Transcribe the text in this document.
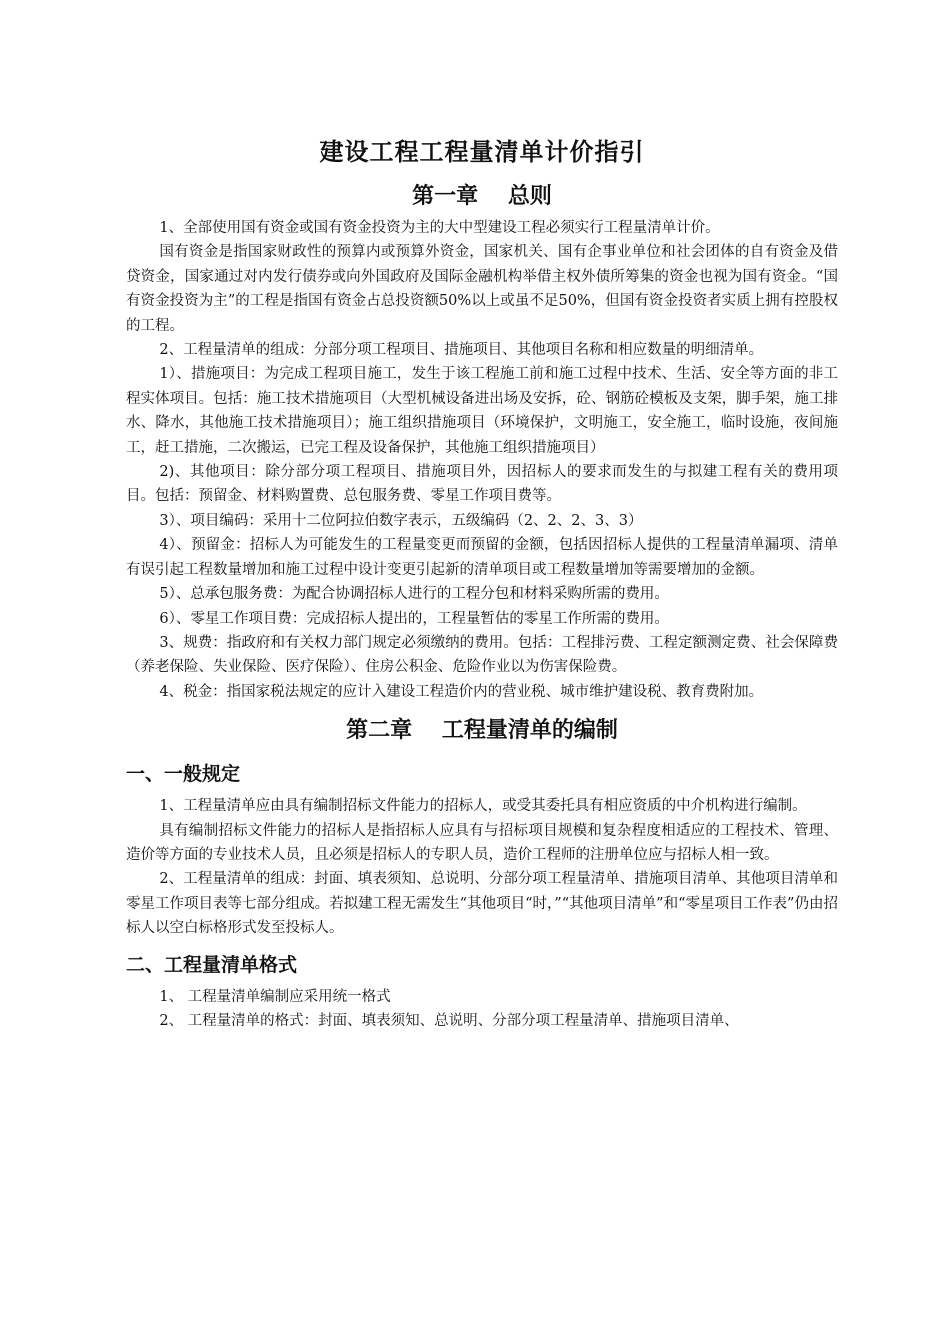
建设工程工程量清单计价指引
第一章　 总则

1、全部使用国有资金或国有资金投资为主的大中型建设工程必须实行工程量清单计价。

国有资金是指国家财政性的预算内或预算外资金，国家机关、国有企事业单位和社会团体的自有资金及借贷资金，国家通过对内发行债券或向外国政府及国际金融机构举借主权外债所筹集的资金也视为国有资金。“国有资金投资为主”的工程是指国有资金占总投资额50%以上或虽不足50%，但国有资金投资者实质上拥有控股权的工程。

2、工程量清单的组成：分部分项工程项目、措施项目、其他项目名称和相应数量的明细清单。

1）、措施项目：为完成工程项目施工，发生于该工程施工前和施工过程中技术、生活、安全等方面的非工程实体项目。包括：施工技术措施项目（大型机械设备进出场及安拆，砼、钢筋砼模板及支架，脚手架，施工排水、降水，其他施工技术措施项目）；施工组织措施项目（环境保护，文明施工，安全施工，临时设施，夜间施工，赶工措施，二次搬运，已完工程及设备保护，其他施工组织措施项目）

2)、其他项目：除分部分项工程项目、措施项目外，因招标人的要求而发生的与拟建工程有关的费用项目。包括：预留金、材料购置费、总包服务费、零星工作项目费等。

3）、项目编码：采用十二位阿拉伯数字表示，五级编码（2、2、2、3、3）

4）、预留金：招标人为可能发生的工程量变更而预留的金额，包括因招标人提供的工程量清单漏项、清单有误引起工程数量增加和施工过程中设计变更引起新的清单项目或工程数量增加等需要增加的金额。

5）、总承包服务费：为配合协调招标人进行的工程分包和材料采购所需的费用。

6）、零星工作项目费：完成招标人提出的，工程量暂估的零星工作所需的费用。

3、规费：指政府和有关权力部门规定必须缴纳的费用。包括：工程排污费、工程定额测定费、社会保障费（养老保险、失业保险、医疗保险）、住房公积金、危险作业以为伤害保险费。

4、税金：指国家税法规定的应计入建设工程造价内的营业税、城市维护建设税、教育费附加。

第二章　 工程量清单的编制
一、一般规定

1、工程量清单应由具有编制招标文件能力的招标人，或受其委托具有相应资质的中介机构进行编制。

具有编制招标文件能力的招标人是指招标人应具有与招标项目规模和复杂程度相适应的工程技术、管理、造价等方面的专业技术人员，且必须是招标人的专职人员，造价工程师的注册单位应与招标人相一致。

2、工程量清单的组成：封面、填表须知、总说明、分部分项工程量清单、措施项目清单、其他项目清单和零星工作项目表等七部分组成。若拟建工程无需发生“其他项目“时，”“其他项目清单”和“零星项目工作表”仍由招标人以空白标格形式发至投标人。

二、工程量清单格式

1、 工程量清单编制应采用统一格式

2、 工程量清单的格式：封面、填表须知、总说明、分部分项工程量清单、措施项目清单、
